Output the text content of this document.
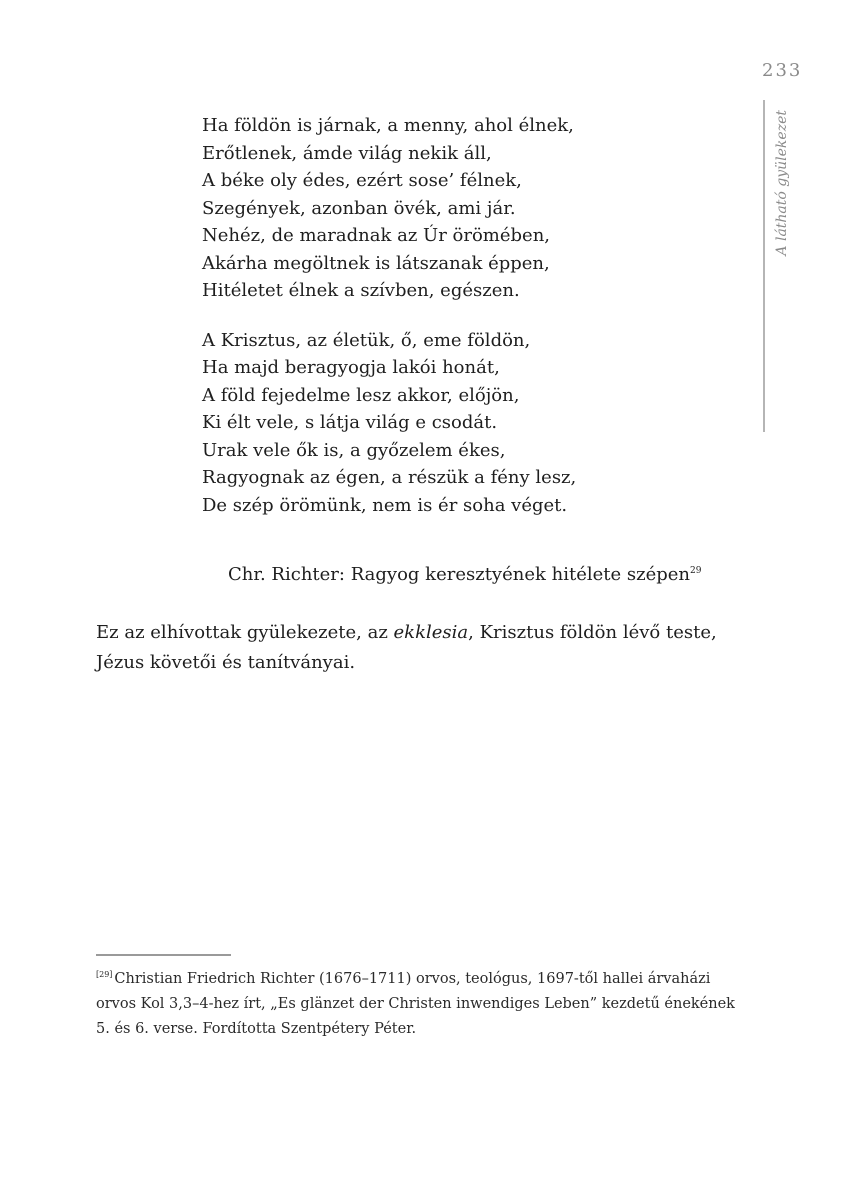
233
A látható gyülekezet
Ha földön is járnak, a menny, ahol élnek,
Erőtlenek, ámde világ nekik áll,
A béke oly édes, ezért sose’ félnek,
Szegények, azonban övék, ami jár.
Nehéz, de maradnak az Úr örömében,
Akárha megöltnek is látszanak éppen,
Hitéletet élnek a szívben, egészen.
A Krisztus, az életük, ő, eme földön,
Ha majd beragyogja lakói honát,
A föld fejedelme lesz akkor, előjön,
Ki élt vele, s látja világ e csodát.
Urak vele ők is, a győzelem ékes,
Ragyognak az égen, a részük a fény lesz,
De szép örömünk, nem is ér soha véget.
Chr. Richter: Ragyog keresztyének hitélete szépen$^{29}$

Ez az elhívottak gyülekezete, az ekklesia, Krisztus földön lévő teste, Jézus követői és tanítványai.

[29] Christian Friedrich Richter (1676–1711) orvos, teológus, 1697-től hallei árvaházi orvos Kol 3,3–4-hez írt, „Es glänzet der Christen inwendiges Leben” kezdetű énekének 5. és 6. verse. Fordította Szentpétery Péter.
